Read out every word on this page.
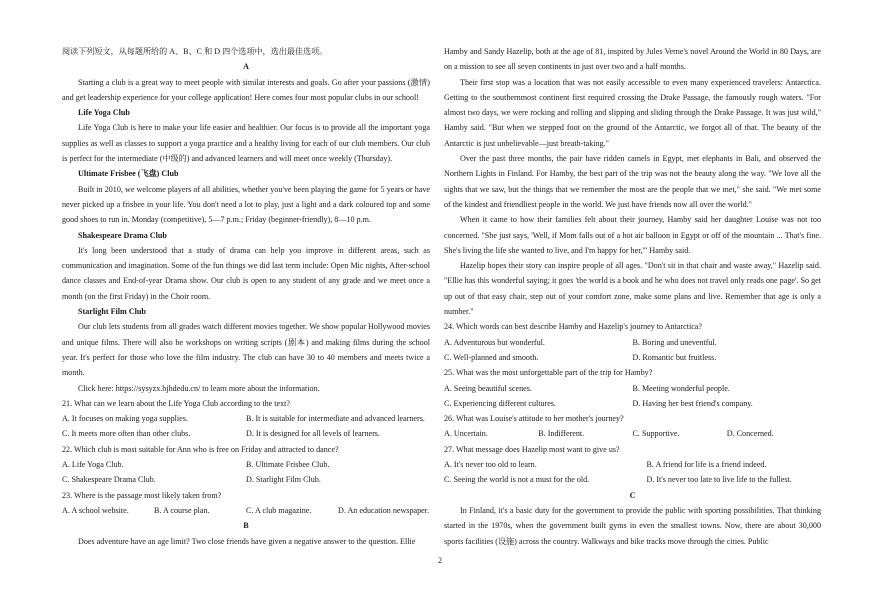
阅读下列短文，从每题所给的 A、B、C 和 D 四个选项中，选出最佳选项。

A

Starting a club is a great way to meet people with similar interests and goals. Go after your passions (激情) and get leadership experience for your college application! Here comes four most popular clubs in our school!

Life Yoga Club

Life Yoga Club is here to make your life easier and healthier. Our focus is to provide all the important yoga supplies as well as classes to support a yoga practice and a healthy living for each of our club members. Our club is perfect for the intermediate (中级的) and advanced learners and will meet once weekly (Thursday).

Ultimate Frisbee (飞盘) Club

Built in 2010, we welcome players of all abilities, whether you've been playing the game for 5 years or have never picked up a frisbee in your life. You don't need a lot to play, just a light and a dark coloured top and some good shoes to run in. Monday (competitive), 5—7 p.m.; Friday (beginner-friendly), 8—10 p.m.

Shakespeare Drama Club

It's long been understood that a study of drama can help you improve in different areas, such as communication and imagination. Some of the fun things we did last term include: Open Mic nights, After-school dance classes and End-of-year Drama show. Our club is open to any student of any grade and we meet once a month (on the first Friday) in the Choir room.

Starlight Film Club

Our club lets students from all grades watch different movies together. We show popular Hollywood movies and unique films. There will also be workshops on writing scripts (剧本) and making films during the school year. It's perfect for those who love the film industry. The club can have 30 to 40 members and meets twice a month.

Click here: https://sysyzx.bjhdedu.cn/ to learn more about the information.

21. What can we learn about the Life Yoga Club according to the text?

A. It focuses on making yoga supplies.	B. It is suitable for intermediate and advanced learners.
C. It meets more often than other clubs.	D. It is designed for all levels of learners.

22. Which club is most suitable for Ann who is free on Friday and attracted to dance?

A. Life Yoga Club.	B. Ultimate Frisbee Club.
C. Shakespeare Drama Club.	D. Starlight Film Club.

23. Where is the passage most likely taken from?

A. A school website.	B. A course plan.	C. A club magazine.	D. An education newspaper.

B

Does adventure have an age limit? Two close friends have given a negative answer to the question. Ellie

Hamby and Sandy Hazelip, both at the age of 81, inspired by Jules Verne's novel Around the World in 80 Days, are on a mission to see all seven continents in just over two and a half months.

Their first stop was a location that was not easily accessible to even many experienced travelers: Antarctica. Getting to the southernmost continent first required crossing the Drake Passage, the famously rough waters. "For almost two days, we were rocking and rolling and slipping and sliding through the Drake Passage. It was just wild," Hamby said. "But when we stepped foot on the ground of the Antarctic, we forgot all of that. The beauty of the Antarctic is just unbelievable—just breath-taking."

Over the past three months, the pair have ridden camels in Egypt, met elephants in Bali, and observed the Northern Lights in Finland. For Hamby, the best part of the trip was not the beauty along the way. "We love all the sights that we saw, but the things that we remember the most are the people that we met," she said. "We met some of the kindest and friendliest people in the world. We just have friends now all over the world."

When it came to how their families felt about their journey, Hamby said her daughter Louise was not too concerned. "She just says, 'Well, if Mom falls out of a hot air balloon in Egypt or off of the mountain ... That's fine. She's living the life she wanted to live, and I'm happy for her,'" Hamby said.

Hazelip hopes their story can inspire people of all ages. "Don't sit in that chair and waste away," Hazelip said. "Ellie has this wonderful saying; it goes 'the world is a book and he who does not travel only reads one page'. So get up out of that easy chair, step out of your comfort zone, make some plans and live. Remember that age is only a number."

24. Which words can best describe Hamby and Hazelip's journey to Antarctica?

A. Adventurous but wonderful.	B. Boring and uneventful.
C. Well-planned and smooth.	D. Romantic but fruitless.

25. What was the most unforgettable part of the trip for Hamby?

A. Seeing beautiful scenes.	B. Meeting wonderful people.
C. Experiencing different cultures.	D. Having her best friend's company.

26. What was Louise's attitude to her mother's journey?

A. Uncertain.	B. Indifferent.	C. Supportive.	D. Concerned.

27. What message does Hazelip most want to give us?

A. It's never too old to learn.	B. A friend for life is a friend indeed.
C. Seeing the world is not a must for the old.	D. It's never too late to live life to the fullest.

C

In Finland, it's a basic duty for the government to provide the public with sporting possibilities. That thinking started in the 1970s, when the government built gyms in even the smallest towns. Now, there are about 30,000 sports facilities (设施) across the country. Walkways and bike tracks move through the cities. Public

2
